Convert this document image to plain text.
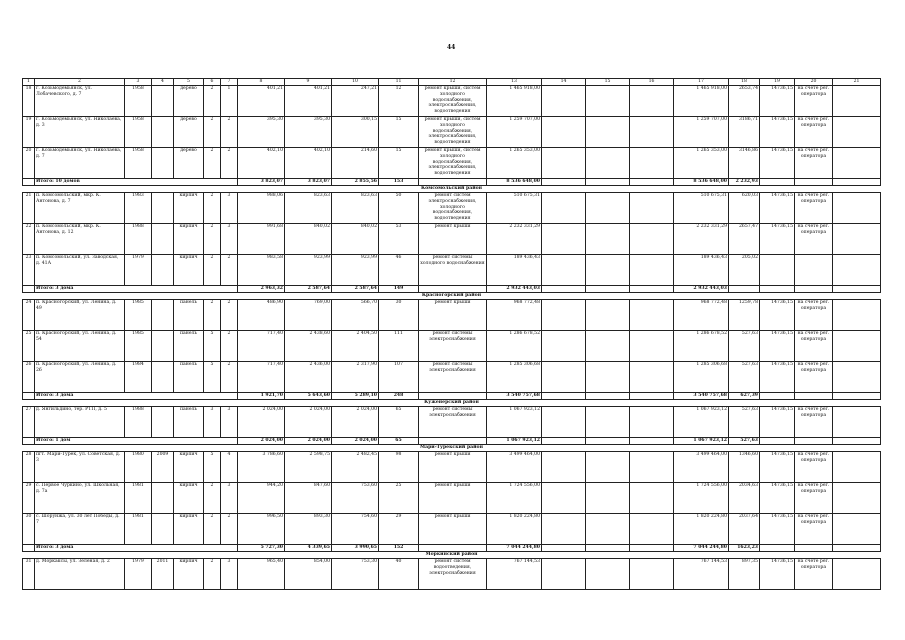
44
1	2	3	4	5	6	7	8	9	10	11	12	13	14	15	16	17	18	19	20	21
18	г. Козьмодемьянск, ул. Лобачевского, д. 7	1958		дерево	2	1	401,21	401,21	247,21	12	ремонт крыши, систем холодного водоснабжения, электроснабжения, водоотведения	1 465 918,00				1 465 918,00	2653,74	14736,15	на счете рег. оператора	
19	г. Козьмодемьянск, ул. Николаева, д. 3	1958		дерево	2	2	395,30	395,30	300,15	15	ремонт крыши, систем холодного водоснабжения, электроснабжения, водоотведения	1 259 707,00				1 259 707,00	3186,71	14736,15	на счете рег. оператора	
20	г. Козьмодемьянск, ул. Николаева, д. 7	1958		дерево	2	2	402,10	402,10	214,60	15	ремонт крыши, систем холодного водоснабжения, электроснабжения, водоотведения	1 265 353,00				1 265 353,00	3146,86	14736,15	на счете рег. оператора	
	Итого: 10 домов						3 823,07	3 823,07	2 855,56	153		8 536 648,00				8 536 648,00	2 232,93			
Комсомольский район																				
21	п. Комсомольский, мкр. К. Антонова, д. 7	1983		кирпич	2	3	988,06	823,63	823,63	50	ремонт систем электроснабжения, холодного водоснабжения, водоотведения	510 675,31				510 675,31	620,03	14736,15	на счете рег. оператора	
22	п. Комсомольский, мкр. К. Антонова, д. 12	1988		кирпич	2	3	991,68	840,02	840,02	53	ремонт крыши	2 232 331,29				2 232 331,29	2657,47	14736,15	на счете рег. оператора	
23	п. Комсомольский, ул. Заводская, д. 41А	1979		кирпич	2	2	983,58	923,99	923,99	46	ремонт системы холодного водоснабжения	189 436,43				189 436,43	205,02			
	Итого: 3 дома						2 963,32	2 587,64	2 587,64	149		2 932 443,03				2 932 443,03				
Красногорский район																				
24	п. Красногорский, ул. Ленина, д. 49	1985		панель	2	2	486,90	769,00	566,70	30	ремонт крыши	968 772,48				968 772,48	1259,78	14736,15	на счете рег. оператора	
25	п. Красногорский, ул. Ленина, д. 54	1985		панель	5	2	717,40	2 438,60	2 404,50	111	ремонт системы электроснабжения	1 286 678,52				1 286 678,52	527,63	14736,15	на счете рег. оператора	
26	п. Красногорский, ул. Ленина, д. 26	1984		панель	5	2	717,40	2 436,00	2 317,90	107	ремонт системы электроснабжения	1 285 306,68				1 285 306,68	527,63	14736,15	на счете рег. оператора	
	Итого: 3 дома						1 921,70	5 643,60	5 289,10	248		3 540 757,68				3 540 757,68	627,39			
Куженерский район																				
27	д. Янгильдино, тер. РТП, д. 5	1988		панель	3	3	2 024,00	2 024,00	2 024,00	65	ремонт системы электроснабжения	1 067 923,12				1 067 923,12	527,63	14736,15	на счете рег. оператора	
	Итого: 1 дом						2 024,00	2 024,00	2 024,00	65		1 067 923,12				1 067 923,12	527,63			
Мари-Турекский район																				
28	пгт. Мари-Турек, ул. Советская, д. 3	1980	2009	кирпич	5	4	3 786,60	2 598,75	2 482,45	98	ремонт крыши	3 499 464,00				3 499 464,00	1346,60	14736,15	на счете рег. оператора	
29	с. Первое Чуркино, ул. Школьная, д. 7а	1981		кирпич	2	3	944,20	847,60	753,60	25	ремонт крыши	1 724 556,00				1 724 556,00	2034,63	14736,15	на счете рег. оператора	
30	с. Шорунжа, ул. 30 лет Победы, д. 7	1981		кирпич	2	2	996,50	893,30	754,60	29	ремонт крыши	1 820 224,80				1 820 224,80	2037,64	14736,15	на счете рег. оператора	
	Итого: 3 дома						5 727,30	4 339,65	3 990,65	152		7 044 244,80				7 044 244,80	1623,23			
Моркинский район																				
31	д. Моркаксы, ул. Зеленая, д. 2	1979	2011	кирпич	2	3	965,40	854,00	753,30	40	ремонт систем водоотведения, электроснабжения	767 144,53				767 144,53	897,35	14736,15	на счете рег. оператора	
